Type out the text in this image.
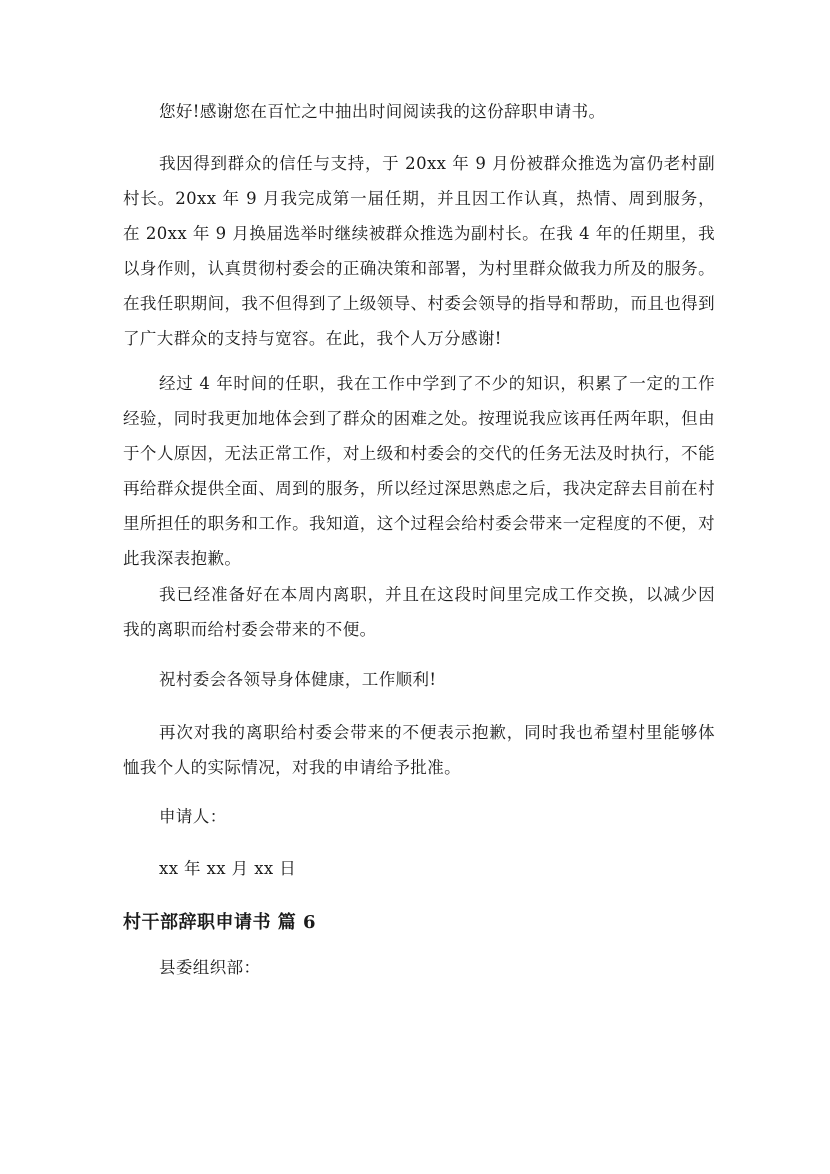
您好!感谢您在百忙之中抽出时间阅读我的这份辞职申请书。

我因得到群众的信任与支持，于 20xx 年 9 月份被群众推选为富仍老村副村长。20xx 年 9 月我完成第一届任期，并且因工作认真，热情、周到服务，在 20xx 年 9 月换届选举时继续被群众推选为副村长。在我 4 年的任期里，我以身作则，认真贯彻村委会的正确决策和部署，为村里群众做我力所及的服务。在我任职期间，我不但得到了上级领导、村委会领导的指导和帮助，而且也得到了广大群众的支持与宽容。在此，我个人万分感谢!

经过 4 年时间的任职，我在工作中学到了不少的知识，积累了一定的工作经验，同时我更加地体会到了群众的困难之处。按理说我应该再任两年职，但由于个人原因，无法正常工作，对上级和村委会的交代的任务无法及时执行，不能再给群众提供全面、周到的服务，所以经过深思熟虑之后，我决定辞去目前在村里所担任的职务和工作。我知道，这个过程会给村委会带来一定程度的不便，对此我深表抱歉。

我已经准备好在本周内离职，并且在这段时间里完成工作交换，以减少因我的离职而给村委会带来的不便。

祝村委会各领导身体健康，工作顺利!

再次对我的离职给村委会带来的不便表示抱歉，同时我也希望村里能够体恤我个人的实际情况，对我的申请给予批准。

申请人：

xx 年 xx 月 xx 日

村干部辞职申请书 篇 6

县委组织部：
